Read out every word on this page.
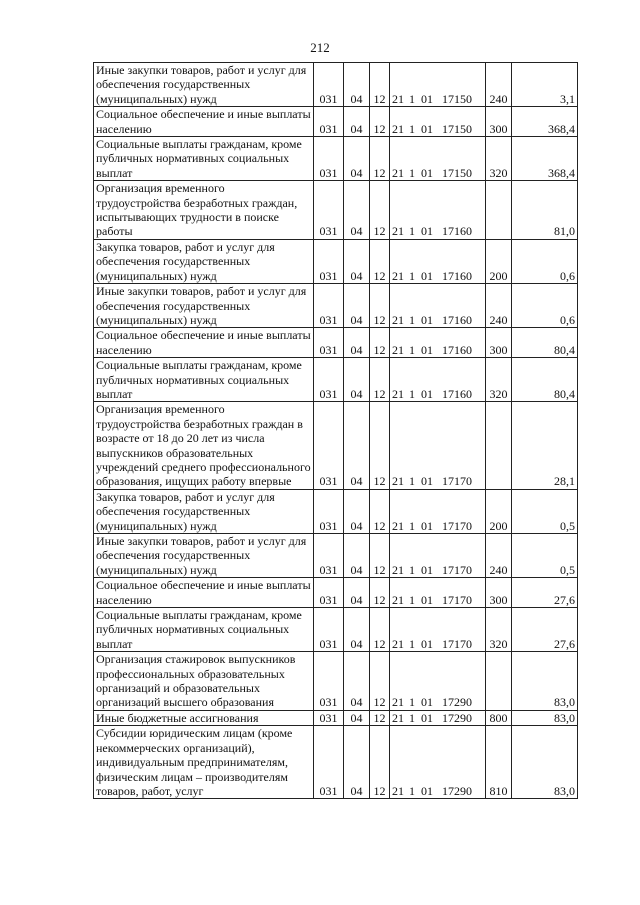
212
Иные закупки товаров, работ и услуг для обеспечения государственных (муниципальных) нужд	031	04	12	21 1 01 17150	240	3,1
Социальное обеспечение и иные выплаты населению	031	04	12	21 1 01 17150	300	368,4
Социальные выплаты гражданам, кроме публичных нормативных социальных выплат	031	04	12	21 1 01 17150	320	368,4
Организация временного трудоустройства безработных граждан, испытывающих трудности в поиске работы	031	04	12	21 1 01 17160		81,0
Закупка товаров, работ и услуг для обеспечения государственных (муниципальных) нужд	031	04	12	21 1 01 17160	200	0,6
Иные закупки товаров, работ и услуг для обеспечения государственных (муниципальных) нужд	031	04	12	21 1 01 17160	240	0,6
Социальное обеспечение и иные выплаты населению	031	04	12	21 1 01 17160	300	80,4
Социальные выплаты гражданам, кроме публичных нормативных социальных выплат	031	04	12	21 1 01 17160	320	80,4
Организация временного трудоустройства безработных граждан в возрасте от 18 до 20 лет из числа выпускников образовательных учреждений среднего профессионального образования, ищущих работу впервые	031	04	12	21 1 01 17170		28,1
Закупка товаров, работ и услуг для обеспечения государственных (муниципальных) нужд	031	04	12	21 1 01 17170	200	0,5
Иные закупки товаров, работ и услуг для обеспечения государственных (муниципальных) нужд	031	04	12	21 1 01 17170	240	0,5
Социальное обеспечение и иные выплаты населению	031	04	12	21 1 01 17170	300	27,6
Социальные выплаты гражданам, кроме публичных нормативных социальных выплат	031	04	12	21 1 01 17170	320	27,6
Организация стажировок выпускников профессиональных образовательных организаций и образовательных организаций высшего образования	031	04	12	21 1 01 17290		83,0
Иные бюджетные ассигнования	031	04	12	21 1 01 17290	800	83,0
Субсидии юридическим лицам (кроме некоммерческих организаций), индивидуальным предпринимателям, физическим лицам – производителям товаров, работ, услуг	031	04	12	21 1 01 17290	810	83,0
